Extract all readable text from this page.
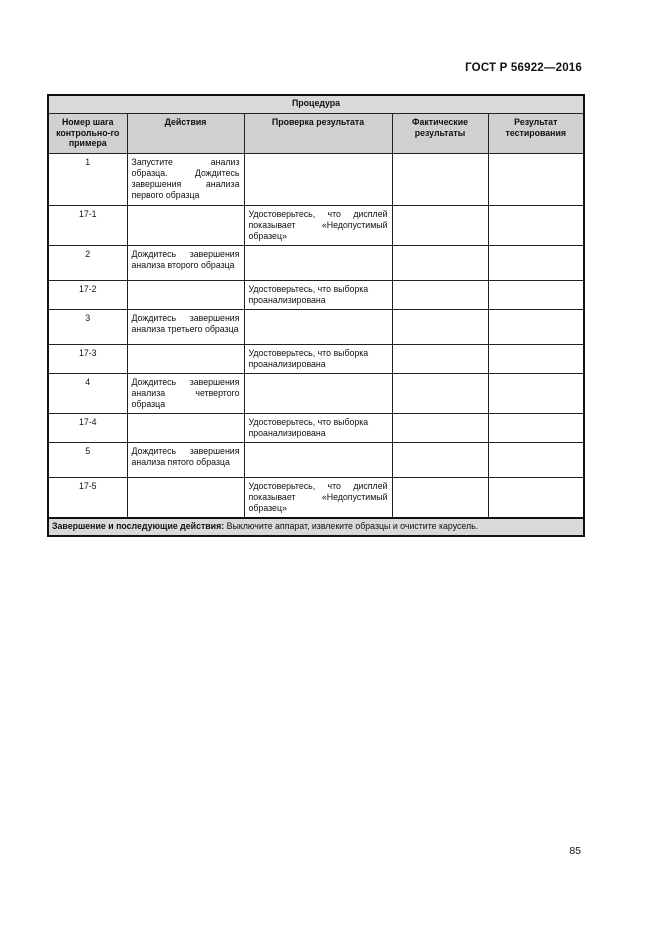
ГОСТ Р 56922—2016
Процедура				
Номер шага контрольно-го примера	Действия	Проверка результата	Фактические результаты	Результат тестирования
1	Запустите анализ образца. Дождитесь завершения анализа первого образца			
17-1		Удостоверьтесь, что дисплей показывает «Недопустимый образец»		
2	Дождитесь завершения анализа второго образца			
17-2		Удостоверьтесь, что выборка проанализирована		
3	Дождитесь завершения анализа третьего образца			
17-3		Удостоверьтесь, что выборка проанализирована		
4	Дождитесь завершения анализа четвертого образца			
17-4		Удостоверьтесь, что выборка проанализирована		
5	Дождитесь завершения анализа пятого образца			
17-5		Удостоверьтесь, что дисплей показывает «Недопустимый образец»		
Завершение и последующие действия: Выключите аппарат, извлеките образцы и очистите карусель.				
85
